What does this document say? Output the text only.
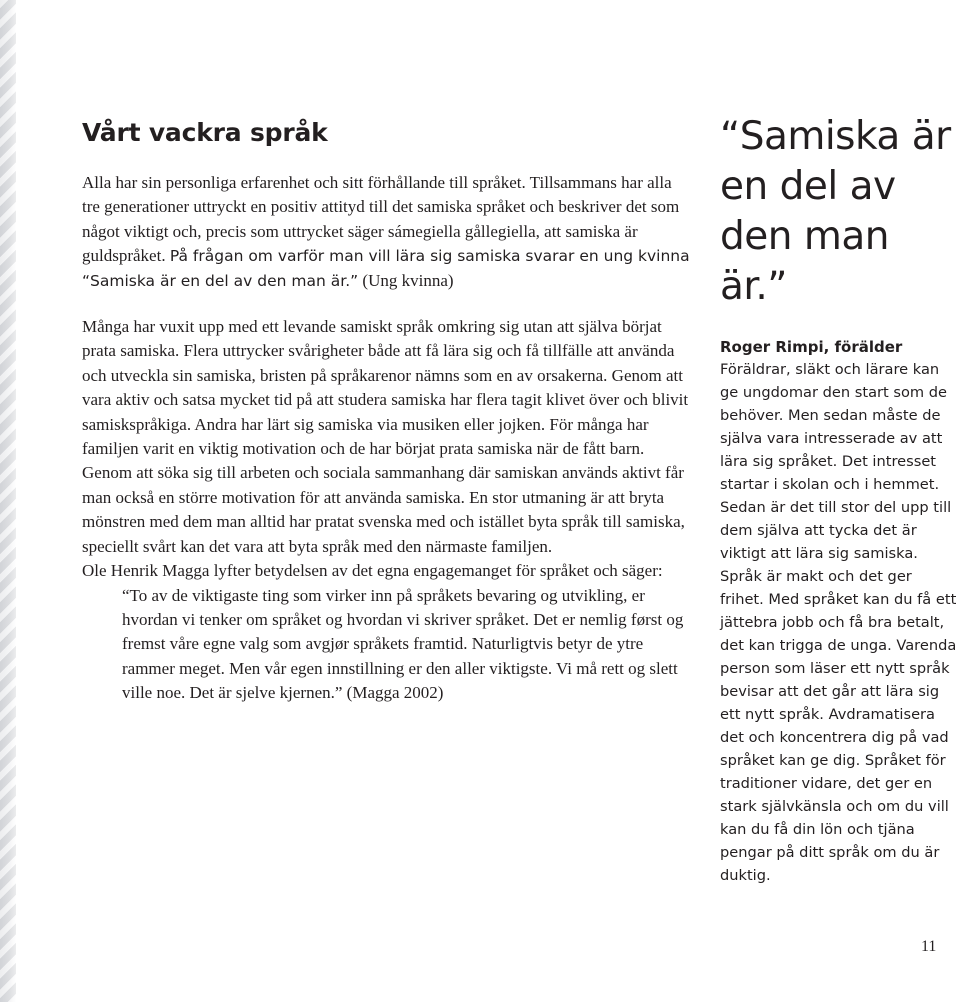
Vårt vackra språk

Alla har sin personliga erfarenhet och sitt förhållande till språket. Tillsammans har alla tre generationer uttryckt en positiv attityd till det samiska språket och beskriver det som något viktigt och, precis som uttrycket säger sámegiella gållegiella, att samiska är guldspråket. På frågan om varför man vill lära sig samiska svarar en ung kvinna “Samiska är en del av den man är.” (Ung kvinna)

Många har vuxit upp med ett levande samiskt språk omkring sig utan att själva börjat prata samiska. Flera uttrycker svårigheter både att få lära sig och få tillfälle att använda och utveckla sin samiska, bristen på språkarenor nämns som en av orsakerna. Genom att vara aktiv och satsa mycket tid på att studera samiska har flera tagit klivet över och blivit samiskspråkiga. Andra har lärt sig samiska via musiken eller jojken. För många har familjen varit en viktig motivation och de har börjat prata samiska när de fått barn. Genom att söka sig till arbeten och sociala sammanhang där samiskan används aktivt får man också en större motivation för att använda samiska. En stor utmaning är att bryta mönstren med dem man alltid har pratat svenska med och istället byta språk till samiska, speciellt svårt kan det vara att byta språk med den närmaste familjen.

Ole Henrik Magga lyfter betydelsen av det egna engagemanget för språket och säger:

“To av de viktigaste ting som virker inn på språkets bevaring og utvikling, er hvordan vi tenker om språket og hvordan vi skriver språket. Det er nemlig først og fremst våre egne valg som avgjør språkets framtid. Naturligtvis betyr de ytre rammer meget. Men vår egen innstillning er den aller viktigste. Vi må rett og slett ville noe. Det är sjelve kjernen.” (Magga 2002)

“Samiska är en del av den man är.”

Roger Rimpi, förälder

Föräldrar, släkt och lärare kan ge ungdomar den start som de behöver. Men sedan måste de själva vara intresserade av att lära sig språket. Det intresset startar i skolan och i hemmet. Sedan är det till stor del upp till dem själva att tycka det är viktigt att lära sig samiska. Språk är makt och det ger frihet. Med språket kan du få ett jättebra jobb och få bra betalt, det kan trigga de unga. Varenda person som läser ett nytt språk bevisar att det går att lära sig ett nytt språk. Avdramatisera det och koncentrera dig på vad språket kan ge dig. Språket för traditioner vidare, det ger en stark självkänsla och om du vill kan du få din lön och tjäna pengar på ditt språk om du är duktig.

11
